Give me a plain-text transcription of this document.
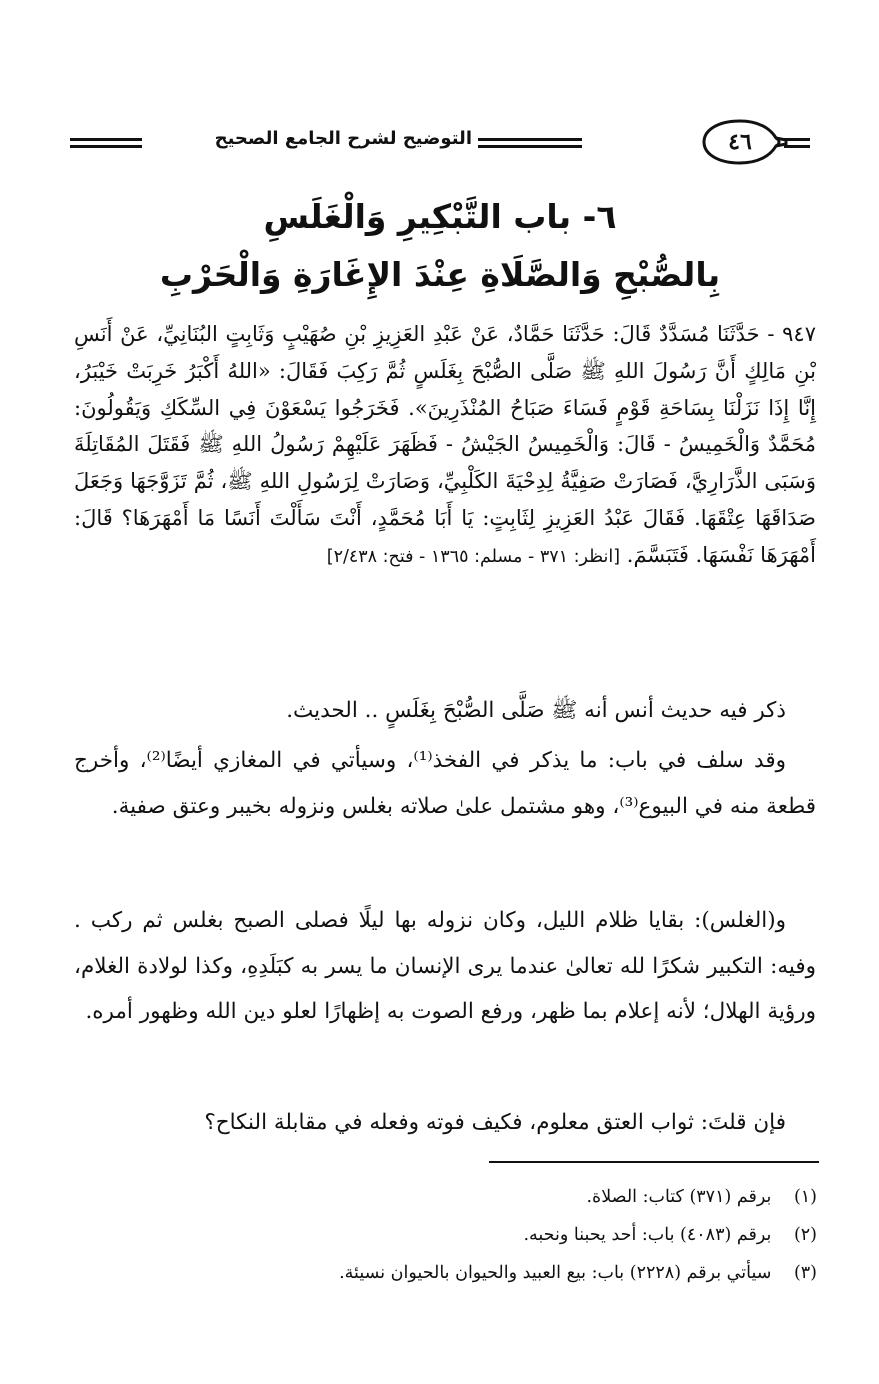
٤٦
التوضيح لشرح الجامع الصحيح
٦- باب التَّبْكِيرِ وَالْغَلَسِ
بِالصُّبْحِ وَالصَّلَاةِ عِنْدَ الإِغَارَةِ وَالْحَرْبِ
٩٤٧ - حَدَّثَنَا مُسَدَّدٌ قَالَ: حَدَّثَنَا حَمَّادٌ، عَنْ عَبْدِ العَزِيزِ بْنِ صُهَيْبٍ وَثَابِتٍ البُنَانِيِّ، عَنْ أَنَسِ بْنِ مَالِكٍ أَنَّ رَسُولَ اللهِ ﷺ صَلَّى الصُّبْحَ بِغَلَسٍ ثُمَّ رَكِبَ فَقَالَ: «اللهُ أَكْبَرُ خَرِبَتْ خَيْبَرُ، إِنَّا إِذَا نَزَلْنَا بِسَاحَةِ قَوْمٍ فَسَاءَ صَبَاحُ المُنْذَرِينَ». فَخَرَجُوا يَسْعَوْنَ فِي السِّكَكِ وَيَقُولُونَ: مُحَمَّدٌ وَالْخَمِيسُ - قَالَ: وَالْخَمِيسُ الجَيْشُ - فَظَهَرَ عَلَيْهِمْ رَسُولُ اللهِ ﷺ فَقَتَلَ المُقَاتِلَةَ وَسَبَى الذَّرَارِيَّ، فَصَارَتْ صَفِيَّةُ لِدِحْيَةَ الكَلْبِيِّ، وَصَارَتْ لِرَسُولِ اللهِ ﷺ، ثُمَّ تَزَوَّجَهَا وَجَعَلَ صَدَاقَهَا عِتْقَهَا. فَقَالَ عَبْدُ العَزِيزِ لِثَابِتٍ: يَا أَبَا مُحَمَّدٍ، أَنْتَ سَأَلْتَ أَنَسًا مَا أَمْهَرَهَا؟ قَالَ: أَمْهَرَهَا نَفْسَهَا. فَتَبَسَّمَ. [انظر: ٣٧١ - مسلم: ١٣٦٥ - فتح: ٢/٤٣٨]

ذكر فيه حديث أنس أنه ﷺ صَلَّى الصُّبْحَ بِغَلَسٍ .. الحديث.

وقد سلف في باب: ما يذكر في الفخذ⁽¹⁾، وسيأتي في المغازي أيضًا⁽²⁾، وأخرج قطعة منه في البيوع⁽³⁾، وهو مشتمل علىٰ صلاته بغلس ونزوله بخيبر وعتق صفية.

و(الغلس): بقايا ظلام الليل، وكان نزوله بها ليلًا فصلى الصبح بغلس ثم ركب . وفيه: التكبير شكرًا لله تعالىٰ عندما يرى الإنسان ما يسر به كبَلَدِهِ، وكذا لولادة الغلام، ورؤية الهلال؛ لأنه إعلام بما ظهر، ورفع الصوت به إظهارًا لعلو دين الله وظهور أمره.

فإن قلتَ: ثواب العتق معلوم، فكيف فوته وفعله في مقابلة النكاح؟

(١) برقم (٣٧١) كتاب: الصلاة.
(٢) برقم (٤٠٨٣) باب: أحد يحبنا ونحبه.
(٣) سيأتي برقم (٢٢٢٨) باب: بيع العبيد والحيوان بالحيوان نسيئة.
